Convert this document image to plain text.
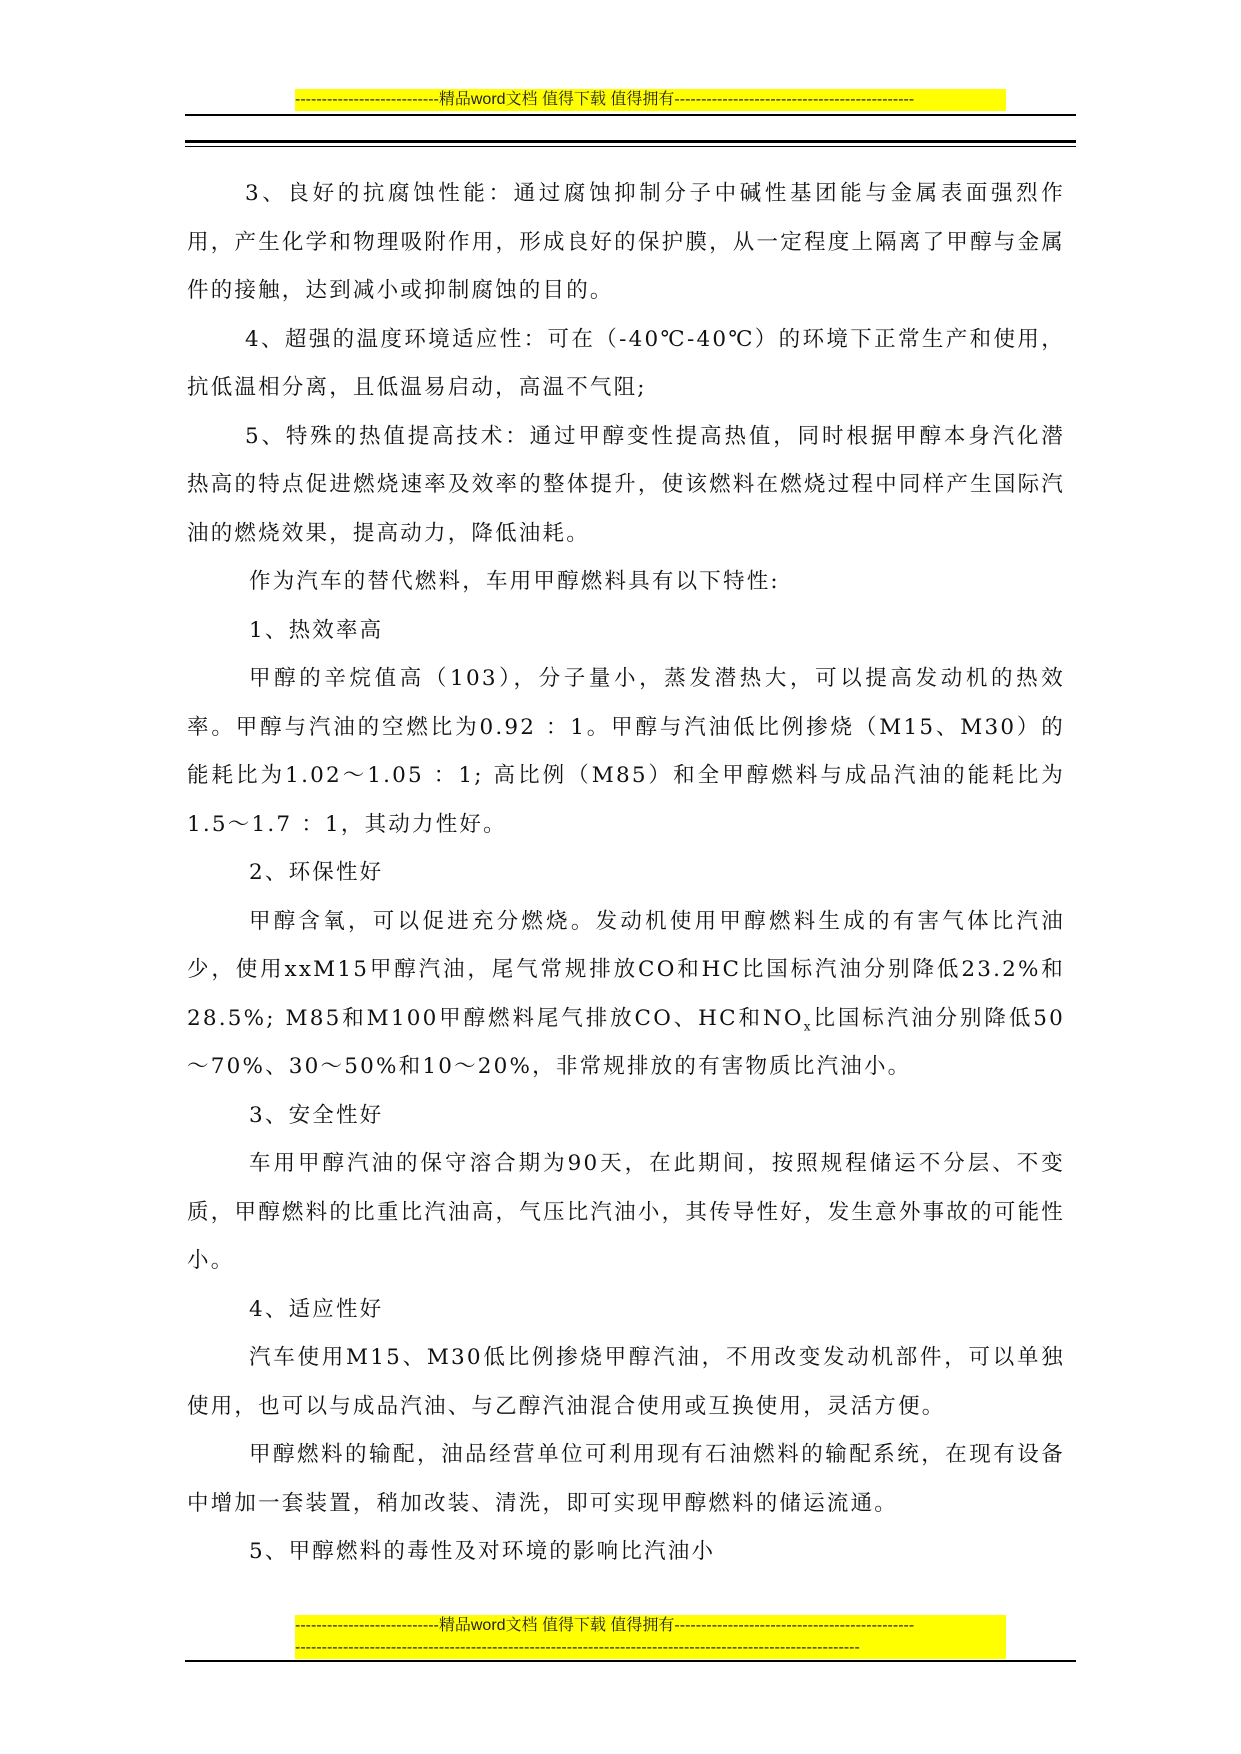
---------------------------精品word文档 值得下载 值得拥有---------------------------------------------

3、良好的抗腐蚀性能：通过腐蚀抑制分子中碱性基团能与金属表面强烈作用，产生化学和物理吸附作用，形成良好的保护膜，从一定程度上隔离了甲醇与金属件的接触，达到减小或抑制腐蚀的目的。

4、超强的温度环境适应性：可在（-40℃-40℃）的环境下正常生产和使用，抗低温相分离，且低温易启动，高温不气阻;

5、特殊的热值提高技术：通过甲醇变性提高热值，同时根据甲醇本身汽化潜热高的特点促进燃烧速率及效率的整体提升，使该燃料在燃烧过程中同样产生国际汽油的燃烧效果，提高动力，降低油耗。

作为汽车的替代燃料，车用甲醇燃料具有以下特性:

1、热效率高

甲醇的辛烷值高（103），分子量小，蒸发潜热大，可以提高发动机的热效率。甲醇与汽油的空燃比为0.92 ：1。甲醇与汽油低比例掺烧（M15、M30）的能耗比为1.02～1.05 ：1; 高比例（M85）和全甲醇燃料与成品汽油的能耗比为1.5～1.7 ：1，其动力性好。

2、环保性好

甲醇含氧，可以促进充分燃烧。发动机使用甲醇燃料生成的有害气体比汽油少，使用xxM15甲醇汽油，尾气常规排放CO和HC比国标汽油分别降低23.2%和28.5%; M85和M100甲醇燃料尾气排放CO、HC和$NO_x$比国标汽油分别降低50～70%、30～50%和10～20%，非常规排放的有害物质比汽油小。

3、安全性好

车用甲醇汽油的保守溶合期为90天，在此期间，按照规程储运不分层、不变质，甲醇燃料的比重比汽油高，气压比汽油小，其传导性好，发生意外事故的可能性小。

4、适应性好

汽车使用M15、M30低比例掺烧甲醇汽油，不用改变发动机部件，可以单独使用，也可以与成品汽油、与乙醇汽油混合使用或互换使用，灵活方便。

甲醇燃料的输配，油品经营单位可利用现有石油燃料的输配系统，在现有设备中增加一套装置，稍加改装、清洗，即可实现甲醇燃料的储运流通。

5、甲醇燃料的毒性及对环境的影响比汽油小

---------------------------精品word文档 值得下载 值得拥有---------------------------------------------
----------------------------------------------------------------------------------------------------------
